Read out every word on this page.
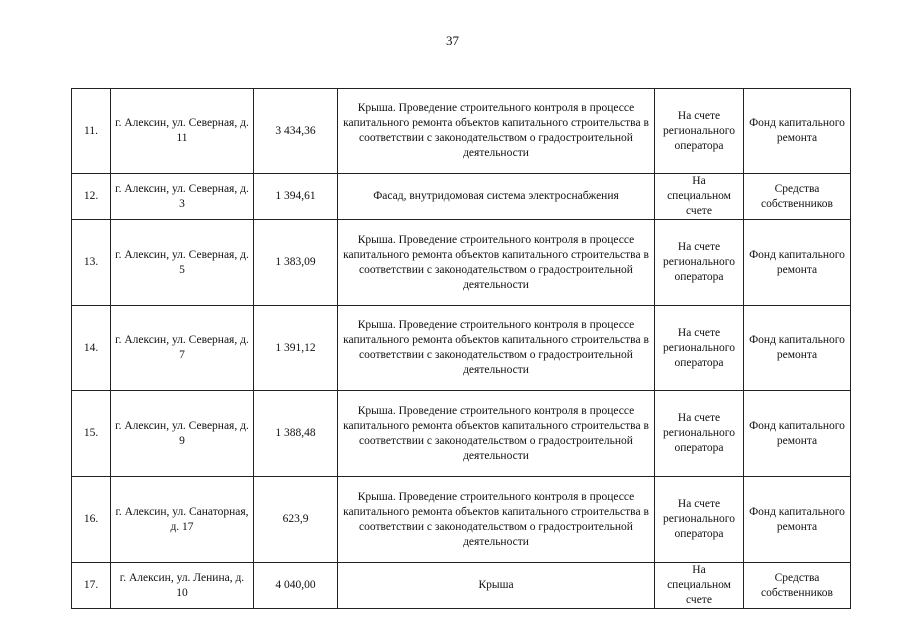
37
11.	г. Алексин, ул. Северная, д. 11	3 434,36	Крыша. Проведение строительного контроля в процессе капитального ремонта объектов капитального строительства в соответствии с законодательством о градостроительной деятельности	На счете регионального оператора	Фонд капитального ремонта
12.	г. Алексин, ул. Северная, д. 3	1 394,61	Фасад, внутридомовая система электроснабжения	На специальном счете	Средства собственников
13.	г. Алексин, ул. Северная, д. 5	1 383,09	Крыша. Проведение строительного контроля в процессе капитального ремонта объектов капитального строительства в соответствии с законодательством о градостроительной деятельности	На счете регионального оператора	Фонд капитального ремонта
14.	г. Алексин, ул. Северная, д. 7	1 391,12	Крыша. Проведение строительного контроля в процессе капитального ремонта объектов капитального строительства в соответствии с законодательством о градостроительной деятельности	На счете регионального оператора	Фонд капитального ремонта
15.	г. Алексин, ул. Северная, д. 9	1 388,48	Крыша. Проведение строительного контроля в процессе капитального ремонта объектов капитального строительства в соответствии с законодательством о градостроительной деятельности	На счете регионального оператора	Фонд капитального ремонта
16.	г. Алексин, ул. Санаторная, д. 17	623,9	Крыша. Проведение строительного контроля в процессе капитального ремонта объектов капитального строительства в соответствии с законодательством о градостроительной деятельности	На счете регионального оператора	Фонд капитального ремонта
17.	г. Алексин, ул. Ленина, д. 10	4 040,00	Крыша	На специальном счете	Средства собственников
